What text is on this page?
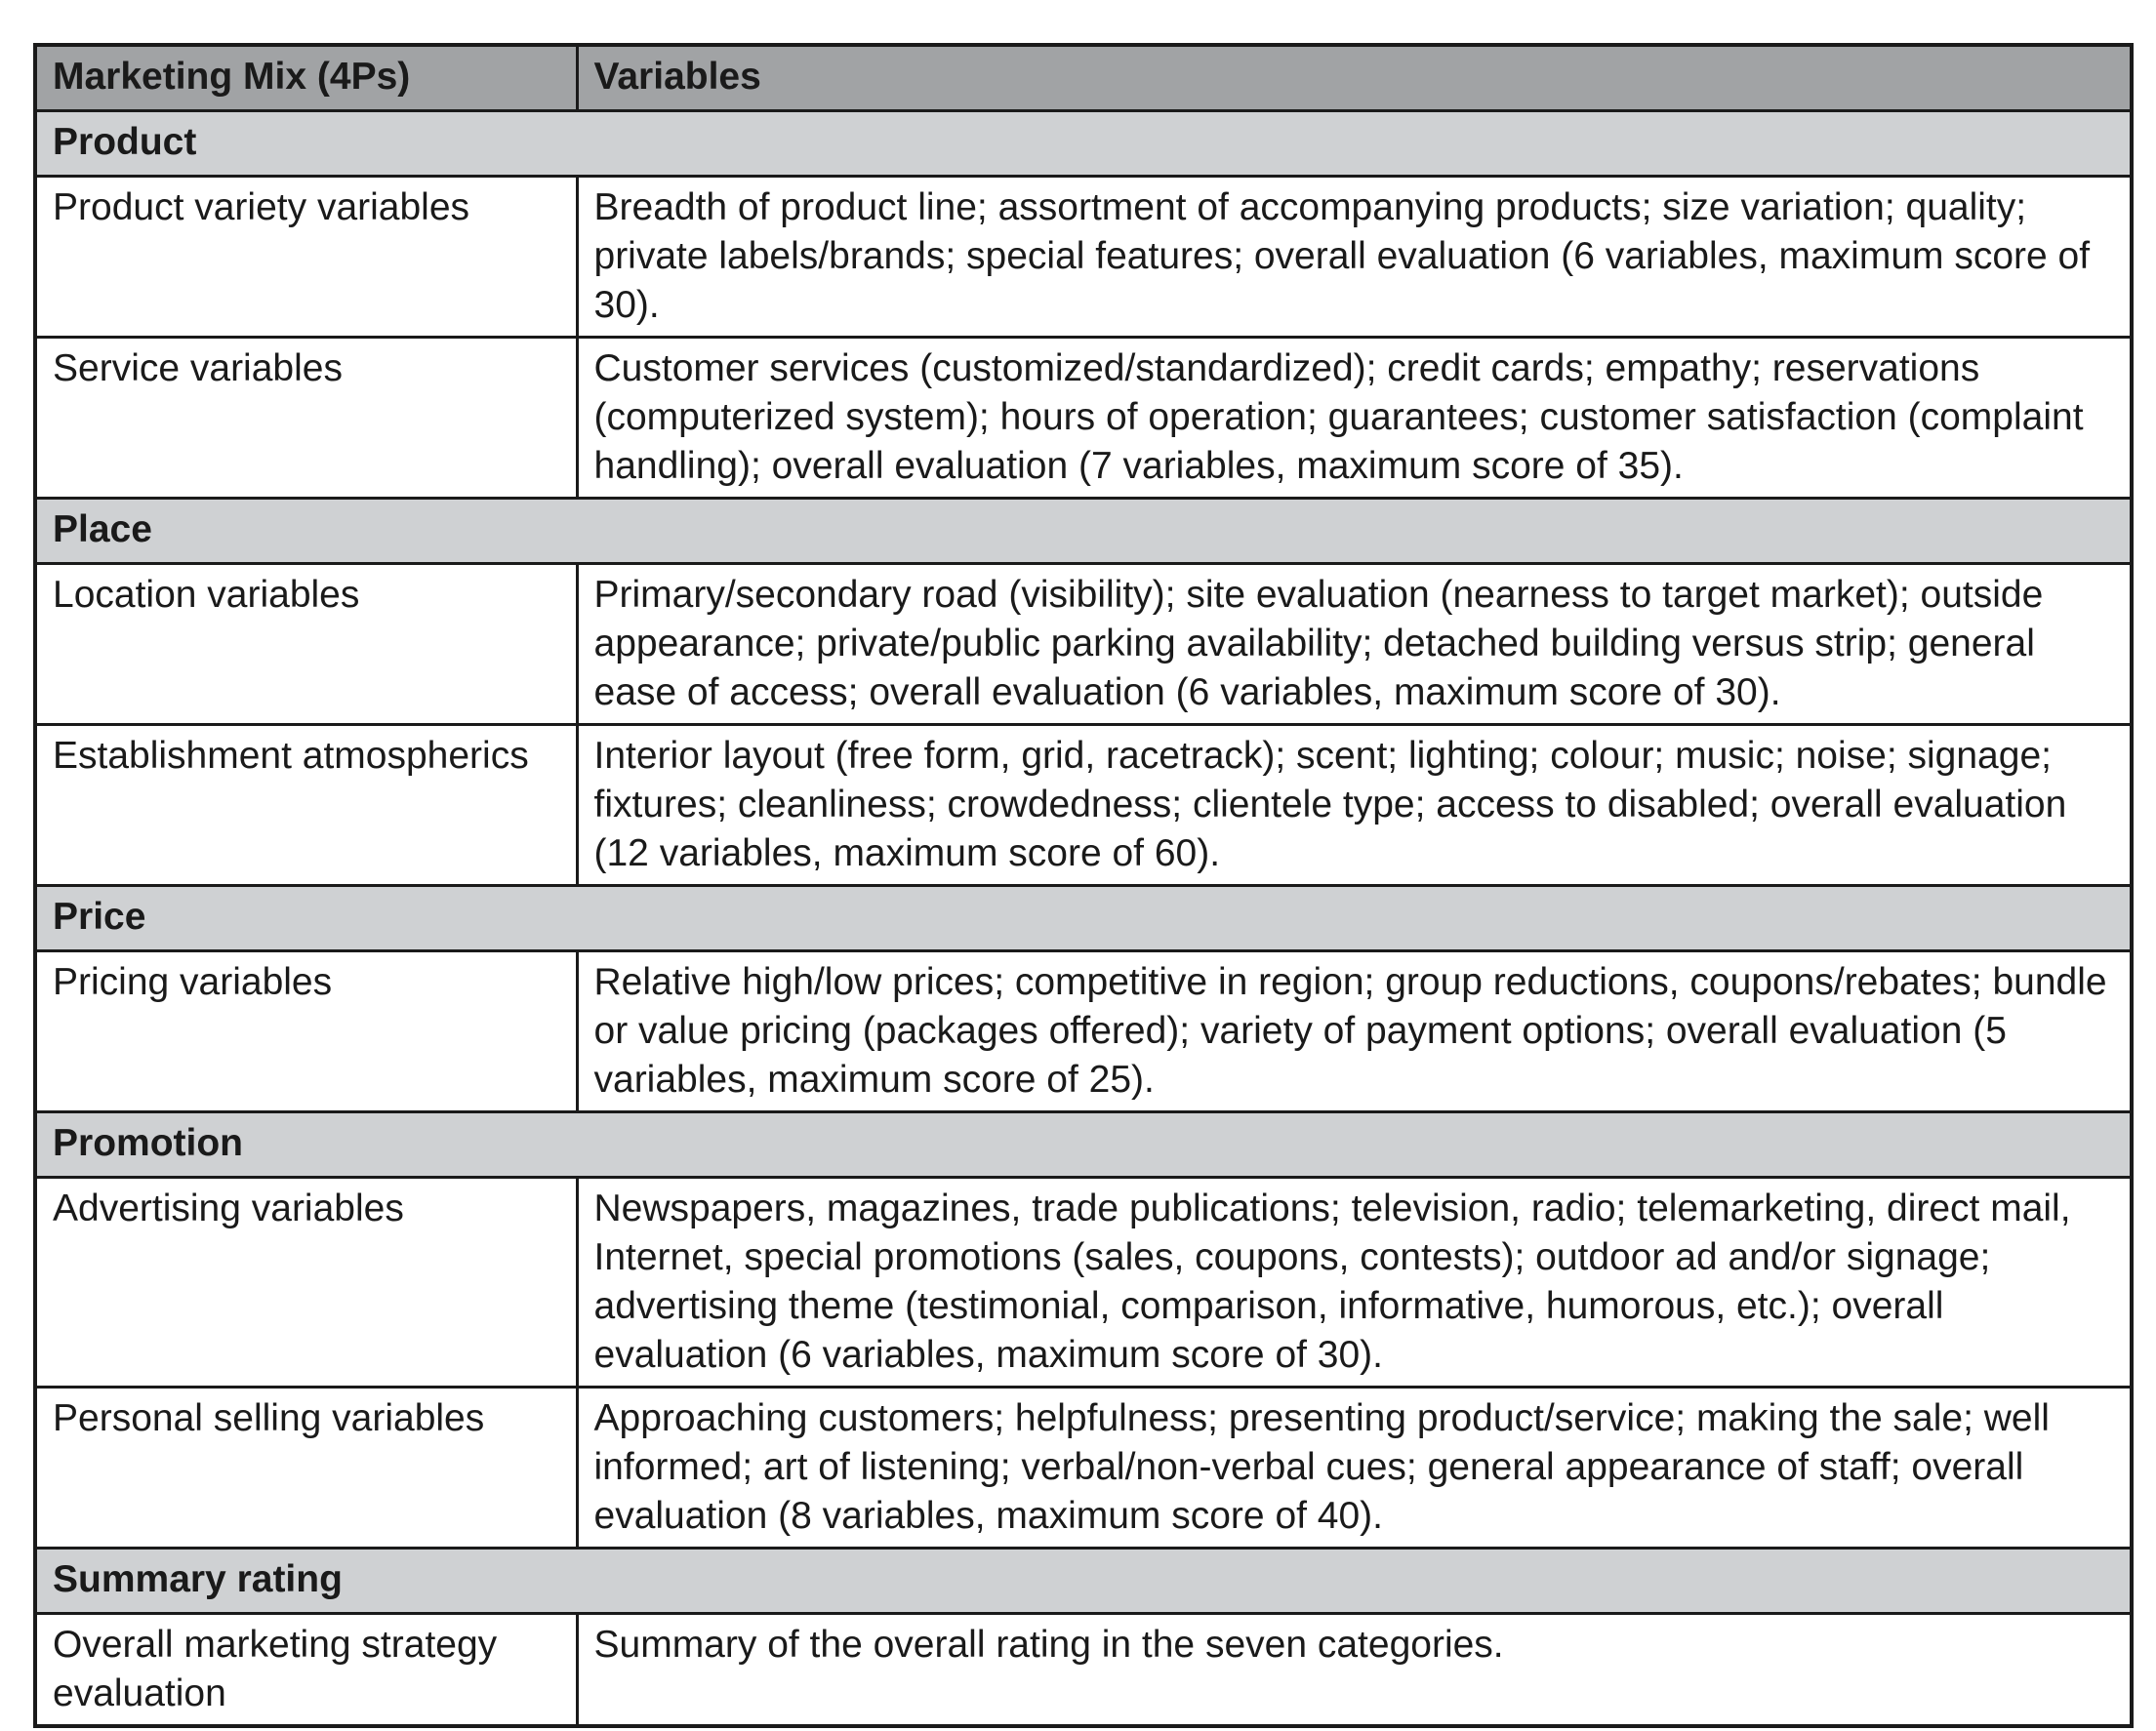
Marketing Mix (4Ps)	Variables
Product	
Product variety variables	Breadth of product line; assortment of accompanying products; size variation; quality; private labels/brands; special features; overall evaluation (6 variables, maximum score of 30).
Service variables	Customer services (customized/standardized); credit cards; empathy; reservations (computerized system); hours of operation; guarantees; customer satisfaction (complaint handling); overall evaluation (7 variables, maximum score of 35).
Place	
Location variables	Primary/secondary road (visibility); site evaluation (nearness to target market); outside appearance; private/public parking availability; detached building versus strip; general ease of access; overall evaluation (6 variables, maximum score of 30).
Establishment atmospherics	Interior layout (free form, grid, racetrack); scent; lighting; colour; music; noise; signage; fixtures; cleanliness; crowdedness; clientele type; access to disabled; overall evaluation (12 variables, maximum score of 60).
Price	
Pricing variables	Relative high/low prices; competitive in region; group reductions, coupons/rebates; bundle or value pricing (packages offered); variety of payment options; overall evaluation (5 variables, maximum score of 25).
Promotion	
Advertising variables	Newspapers, magazines, trade publications; television, radio; telemarketing, direct mail, Internet, special promotions (sales, coupons, contests); outdoor ad and/or signage; advertising theme (testimonial, comparison, informative, humorous, etc.); overall evaluation (6 variables, maximum score of 30).
Personal selling variables	Approaching customers; helpfulness; presenting product/service; making the sale; well informed; art of listening; verbal/non-verbal cues; general appearance of staff; overall evaluation (8 variables, maximum score of 40).
Summary rating	
Overall marketing strategy evaluation	Summary of the overall rating in the seven categories.
